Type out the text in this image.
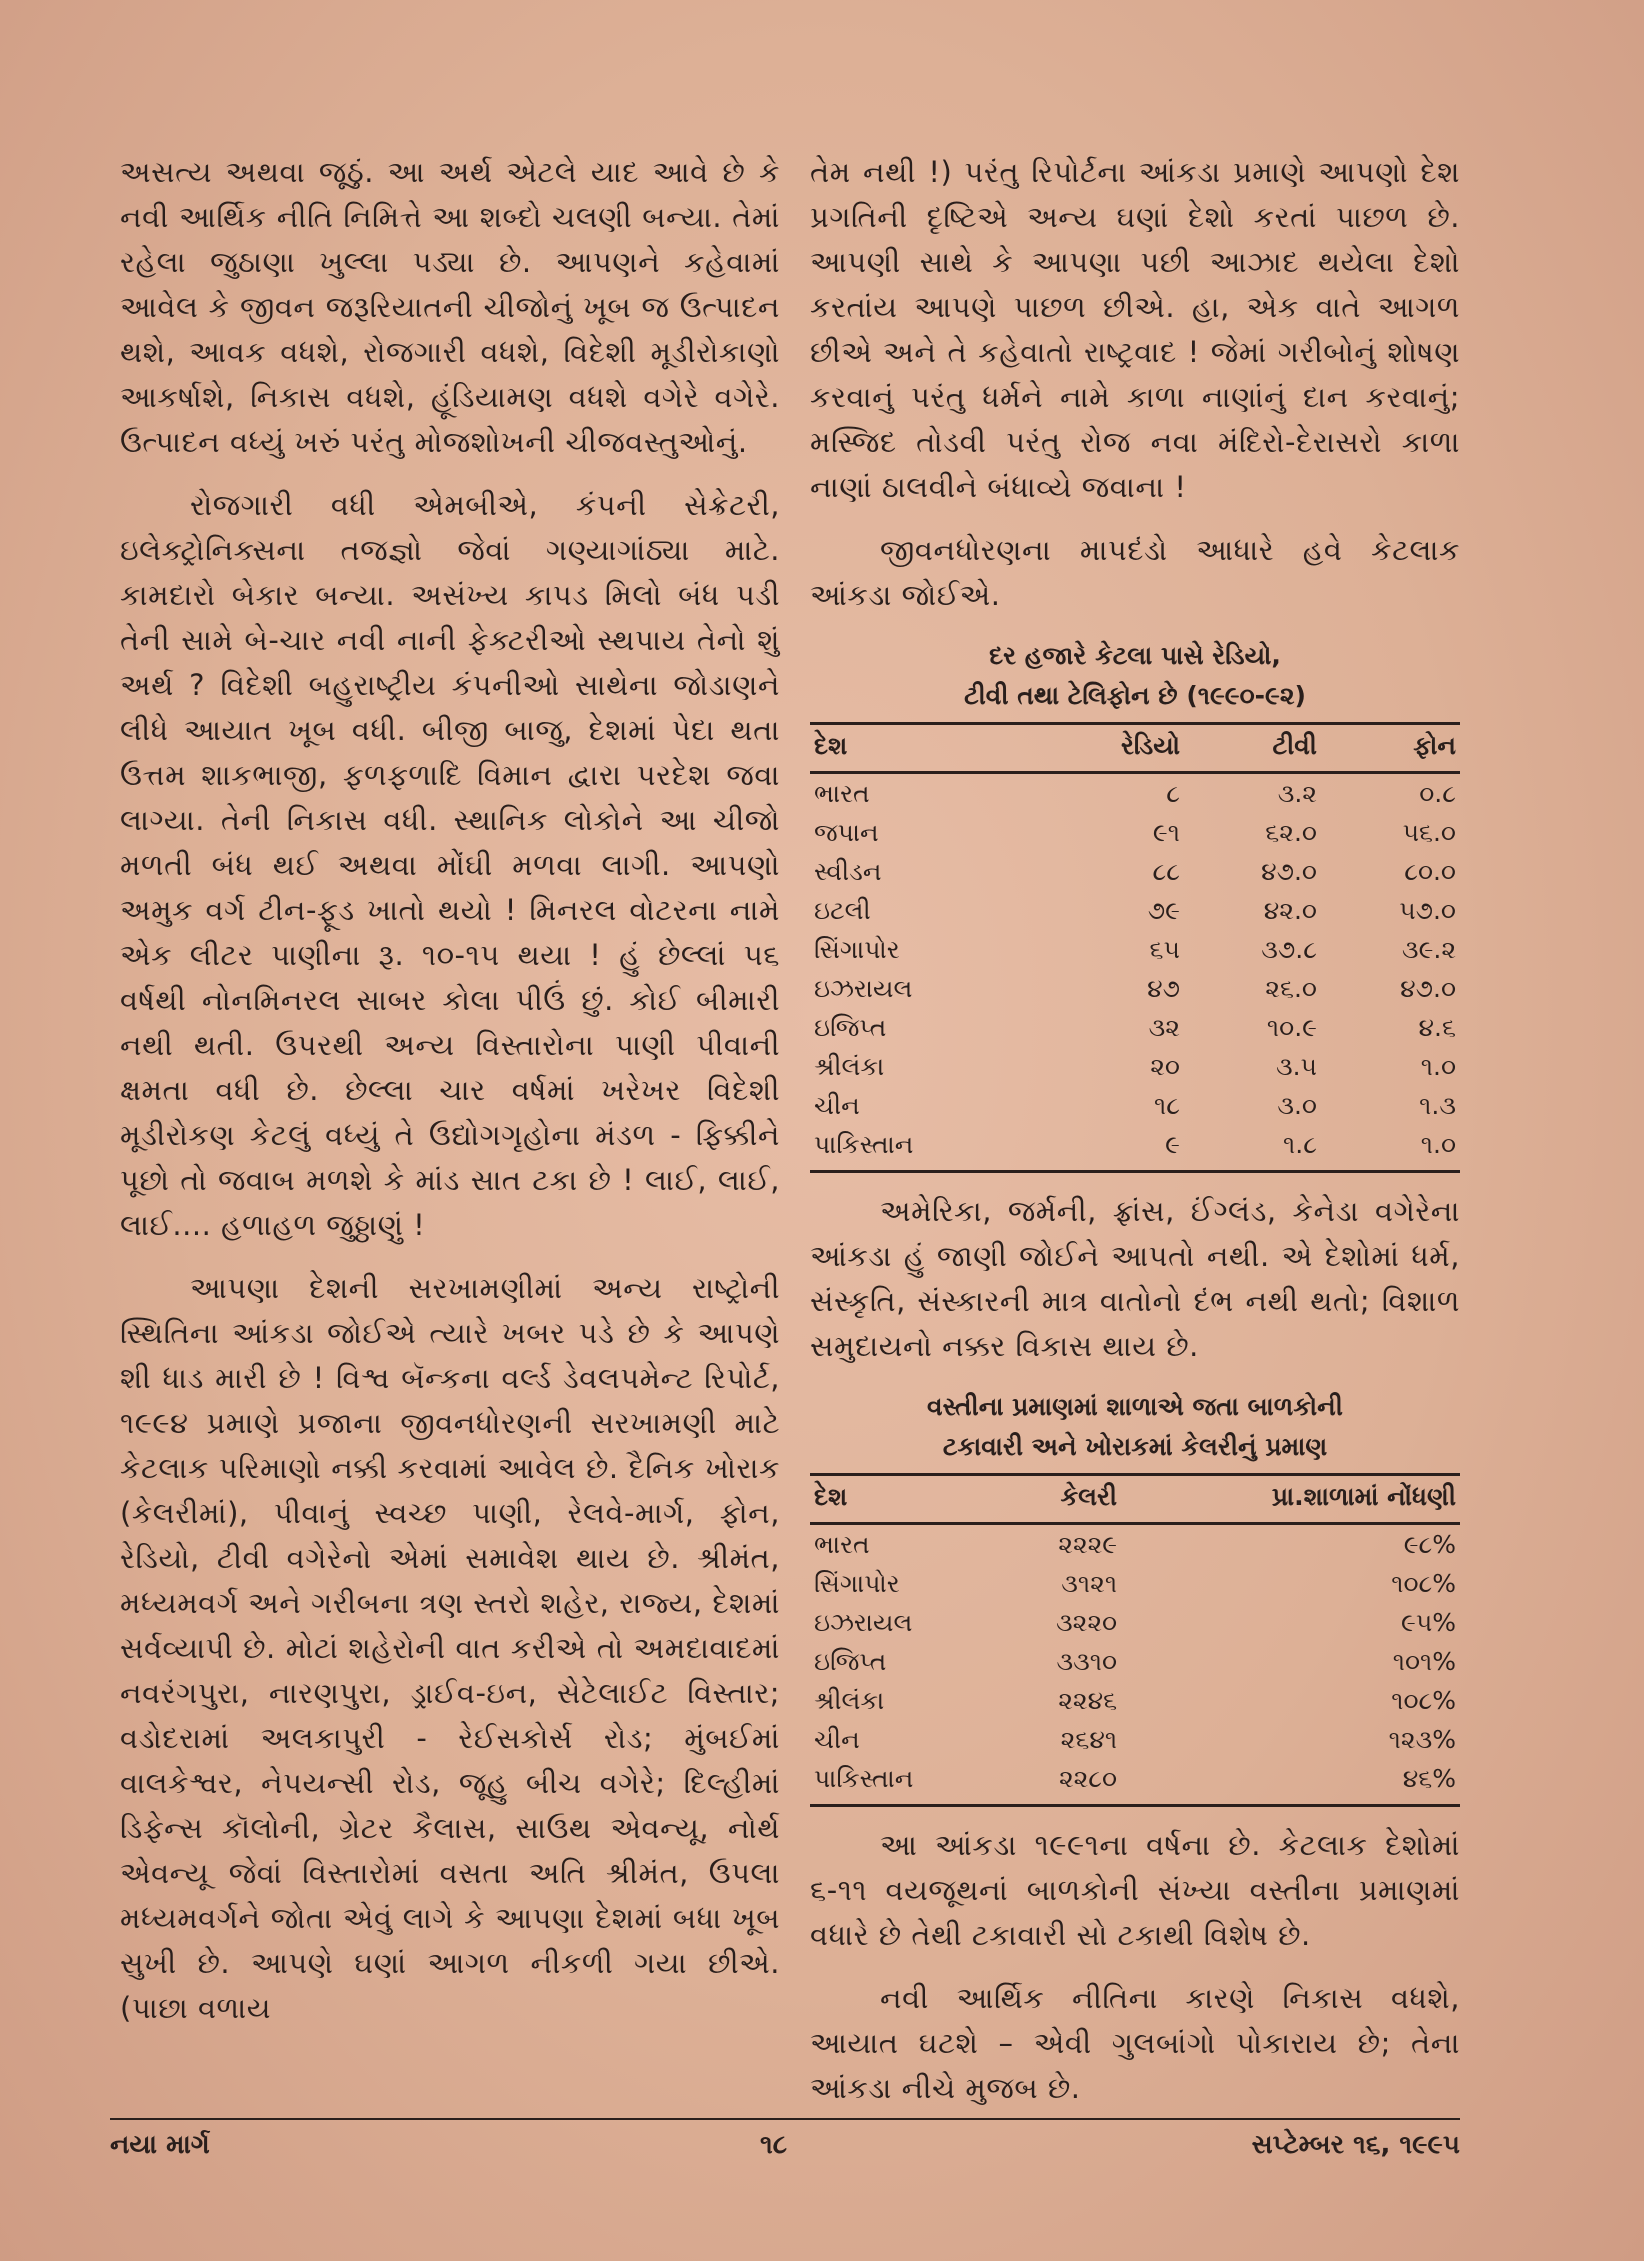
અસત્ય અથવા જૂઠું. આ અર્થ એટલે યાદ આવે છે કે નવી આર્થિક નીતિ નિમિત્તે આ શબ્દો ચલણી બન્યા. તેમાં રહેલા જુઠાણા ખુલ્લા પડ્યા છે. આપણને કહેવામાં આવેલ કે જીવન જરૂરિયાતની ચીજોનું ખૂબ જ ઉત્પાદન થશે, આવક વધશે, રોજગારી વધશે, વિદેશી મૂડીરોકાણો આકર્ષાશે, નિકાસ વધશે, હૂંડિયામણ વધશે વગેરે વગેરે. ઉત્પાદન વધ્યું ખરું પરંતુ મોજશોખની ચીજવસ્તુઓનું.

રોજગારી વધી એમબીએ, કંપની સેક્રેટરી, ઇલેક્ટ્રોનિક્સના તજજ્ઞો જેવાં ગણ્યાગાંઠ્યા માટે. કામદારો બેકાર બન્યા. અસંખ્ય કાપડ મિલો બંધ પડી તેની સામે બે-ચાર નવી નાની ફેક્ટરીઓ સ્થપાય તેનો શું અર્થ ? વિદેશી બહુરાષ્ટ્રીય કંપનીઓ સાથેના જોડાણને લીધે આયાત ખૂબ વધી. બીજી બાજુ, દેશમાં પેદા થતા ઉત્તમ શાકભાજી, ફળફળાદિ વિમાન દ્વારા પરદેશ જવા લાગ્યા. તેની નિકાસ વધી. સ્થાનિક લોકોને આ ચીજો મળતી બંધ થઈ અથવા મોંઘી મળવા લાગી. આપણો અમુક વર્ગ ટીન-ફૂડ ખાતો થયો ! મિનરલ વોટરના નામે એક લીટર પાણીના રૂ. ૧૦-૧૫ થયા ! હું છેલ્લાં ૫૬ વર્ષથી નોનમિનરલ સાબર કોલા પીઉં છું. કોઈ બીમારી નથી થતી. ઉપરથી અન્ય વિસ્તારોના પાણી પીવાની ક્ષમતા વધી છે. છેલ્લા ચાર વર્ષમાં ખરેખર વિદેશી મૂડીરોકણ કેટલું વધ્યું તે ઉદ્યોગગૃહોના મંડળ - ફિક્કીને પૂછો તો જવાબ મળશે કે માંડ સાત ટકા છે ! લાઈ, લાઈ, લાઈ.... હળાહળ જુઠ્ઠાણું !

આપણા દેશની સરખામણીમાં અન્ય રાષ્ટ્રોની સ્થિતિના આંકડા જોઈએ ત્યારે ખબર પડે છે કે આપણે શી ધાડ મારી છે ! વિશ્વ બૅન્કના વર્લ્ડ ડેવલપમેન્ટ રિપોર્ટ, ૧૯૯૪ પ્રમાણે પ્રજાના જીવનધોરણની સરખામણી માટે કેટલાક પરિમાણો નક્કી કરવામાં આવેલ છે. દૈનિક ખોરાક (કેલરીમાં), પીવાનું સ્વચ્છ પાણી, રેલવે-માર્ગ, ફોન, રેડિયો, ટીવી વગેરેનો એમાં સમાવેશ થાય છે. શ્રીમંત, મધ્યમવર્ગ અને ગરીબના ત્રણ સ્તરો શહેર, રાજ્ય, દેશમાં સર્વવ્યાપી છે. મોટાં શહેરોની વાત કરીએ તો અમદાવાદમાં નવરંગપુરા, નારણપુરા, ડ્રાઈવ-ઇન, સેટેલાઈટ વિસ્તાર; વડોદરામાં અલકાપુરી - રેઈસકોર્સ રોડ; મુંબઈમાં વાલકેશ્વર, નેપયન્સી રોડ, જૂહુ બીચ વગેરે; દિલ્હીમાં ડિફેન્સ કૉલોની, ગ્રેટર કૈલાસ, સાઉથ એવન્યૂ, નોર્થ એવન્યૂ જેવાં વિસ્તારોમાં વસતા અતિ શ્રીમંત, ઉપલા મધ્યમવર્ગને જોતા એવું લાગે કે આપણા દેશમાં બધા ખૂબ સુખી છે. આપણે ઘણાં આગળ નીકળી ગયા છીએ. (પાછા વળાય

તેમ નથી !) પરંતુ રિપોર્ટના આંકડા પ્રમાણે આપણો દેશ પ્રગતિની દૃષ્ટિએ અન્ય ઘણાં દેશો કરતાં પાછળ છે. આપણી સાથે કે આપણા પછી આઝાદ થયેલા દેશો કરતાંય આપણે પાછળ છીએ. હા, એક વાતે આગળ છીએ અને તે કહેવાતો રાષ્ટ્રવાદ ! જેમાં ગરીબોનું શોષણ કરવાનું પરંતુ ધર્મને નામે કાળા નાણાંનું દાન કરવાનું; મસ્જિદ તોડવી પરંતુ રોજ નવા મંદિરો-દેરાસરો કાળા નાણાં ઠાલવીને બંધાવ્યે જવાના !

જીવનધોરણના માપદંડો આધારે હવે કેટલાક આંકડા જોઈએ.

દર હજારે કેટલા પાસે રેડિયો,
ટીવી તથા ટેલિફોન છે (૧૯૯૦-૯૨)
દેશ	રેડિયો	ટીવી	ફોન
ભારત	૮	૩.૨	૦.૮
જપાન	૯૧	૬૨.૦	૫૬.૦
સ્વીડન	૮૮	૪૭.૦	૮૦.૦
ઇટલી	૭૯	૪૨.૦	૫૭.૦
સિંગાપોર	૬૫	૩૭.૮	૩૯.૨
ઇઝરાયલ	૪૭	૨૬.૦	૪૭.૦
ઇજિપ્ત	૩૨	૧૦.૯	૪.૬
શ્રીલંકા	૨૦	૩.૫	૧.૦
ચીન	૧૮	૩.૦	૧.૩
પાકિસ્તાન	૯	૧.૮	૧.૦

અમેરિકા, જર્મની, ફ્રાંસ, ઈંગ્લંડ, કેનેડા વગેરેના આંકડા હું જાણી જોઈને આપતો નથી. એ દેશોમાં ધર્મ, સંસ્કૃતિ, સંસ્કારની માત્ર વાતોનો દંભ નથી થતો; વિશાળ સમુદાયનો નક્કર વિકાસ થાય છે.

વસ્તીના પ્રમાણમાં શાળાએ જતા બાળકોની
ટકાવારી અને ખોરાકમાં કેલરીનું પ્રમાણ
દેશ	કેલરી	પ્રા.શાળામાં નોંધણી
ભારત	૨૨૨૯	૯૮%
સિંગાપોર	૩૧૨૧	૧૦૮%
ઇઝરાયલ	૩૨૨૦	૯૫%
ઇજિપ્ત	૩૩૧૦	૧૦૧%
શ્રીલંકા	૨૨૪૬	૧૦૮%
ચીન	૨૬૪૧	૧૨૩%
પાકિસ્તાન	૨૨૮૦	૪૬%

આ આંકડા ૧૯૯૧ના વર્ષના છે. કેટલાક દેશોમાં ૬-૧૧ વયજૂથનાં બાળકોની સંખ્યા વસ્તીના પ્રમાણમાં વધારે છે તેથી ટકાવારી સો ટકાથી વિશેષ છે.

નવી આર્થિક નીતિના કારણે નિકાસ વધશે, આયાત ઘટશે – એવી ગુલબાંગો પોકારાય છે; તેના આંકડા નીચે મુજબ છે.

નયા માર્ગ	૧૮	સપ્ટેમ્બર ૧૬, ૧૯૯૫
